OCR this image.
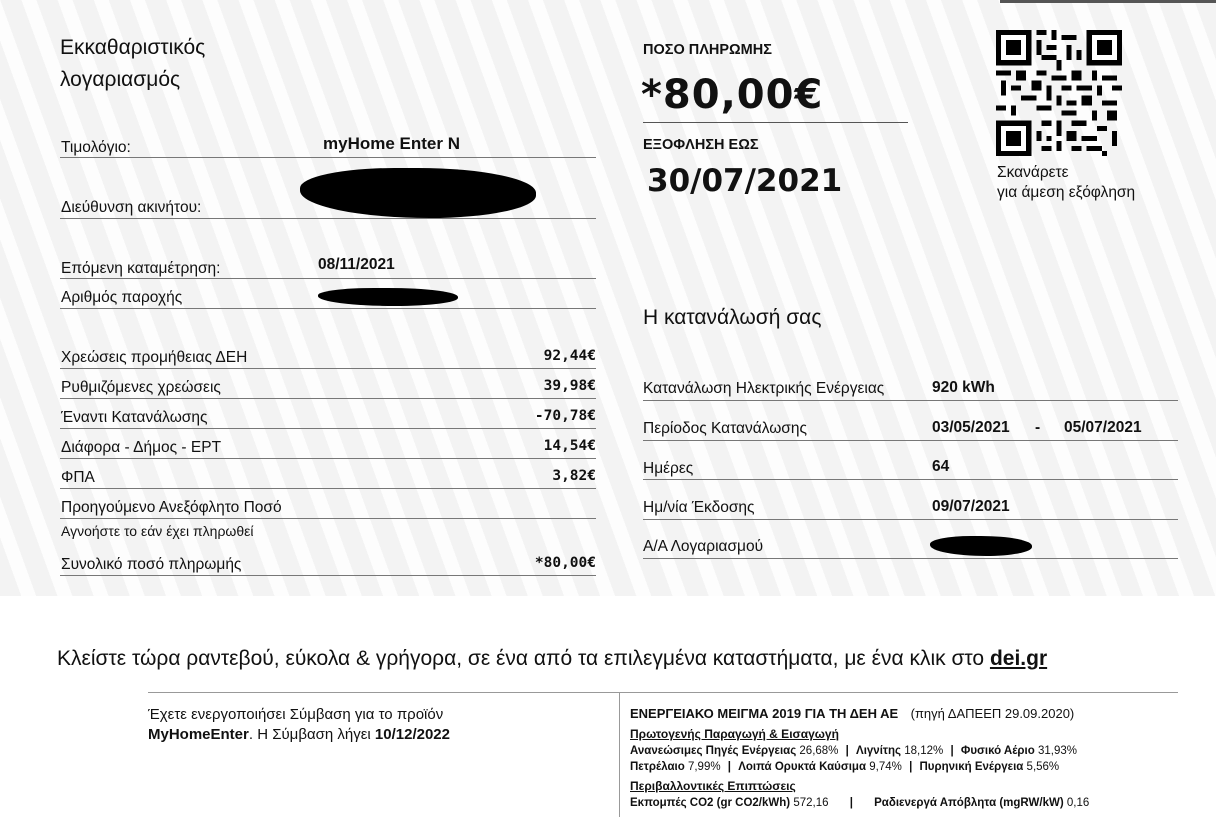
Εκκαθαριστικός
λογαριασμός
Τιμολόγιο:	myHome Enter N
Διεύθυνση ακινήτου:
Επόμενη καταμέτρηση:	08/11/2021
Αριθμός παροχής
Χρεώσεις προμήθειας ΔΕΗ	92,44€
Ρυθμιζόμενες χρεώσεις	39,98€
Έναντι Κατανάλωσης	-70,78€
Διάφορα - Δήμος - ΕΡΤ	14,54€
ΦΠΑ	3,82€
Προηγούμενο Ανεξόφλητο Ποσό
Αγνοήστε το εάν έχει πληρωθεί
Συνολικό ποσό πληρωμής	*80,00€
ΠΟΣΟ ΠΛΗΡΩΜΗΣ
*80,00€
ΕΞΟΦΛΗΣΗ ΕΩΣ
30/07/2021	Σκανάρετε
για άμεση εξόφληση
Η κατανάλωσή σας
Κατανάλωση Ηλεκτρικής Ενέργειας	920 kWh
Περίοδος Κατανάλωσης	03/05/2021 - 05/07/2021
Ημέρες	64
Ημ/νία Έκδοσης	09/07/2021
Α/Α Λογαριασμού
Κλείστε τώρα ραντεβού, εύκολα & γρήγορα, σε ένα από τα επιλεγμένα καταστήματα, με ένα κλικ στο dei.gr
Έχετε ενεργοποιήσει Σύμβαση για το προϊόν
MyHomeEnter. Η Σύμβαση λήγει 10/12/2022
ΕΝΕΡΓΕΙΑΚΟ ΜΕΙΓΜΑ 2019 ΓΙΑ ΤΗ ΔΕΗ ΑΕ (πηγή ΔΑΠΕΕΠ 29.09.2020)
Πρωτογενής Παραγωγή & Εισαγωγή
Ανανεώσιμες Πηγές Ενέργειας 26,68% | Λιγνίτης 18,12% | Φυσικό Αέριο 31,93%
Πετρέλαιο 7,99% | Λοιπά Ορυκτά Καύσιμα 9,74% | Πυρηνική Ενέργεια 5,56%
Περιβαλλοντικές Επιπτώσεις
Εκπομπές CO2 (gr CO2/kWh) 572,16 | Ραδιενεργά Απόβλητα (mgRW/kW) 0,16
